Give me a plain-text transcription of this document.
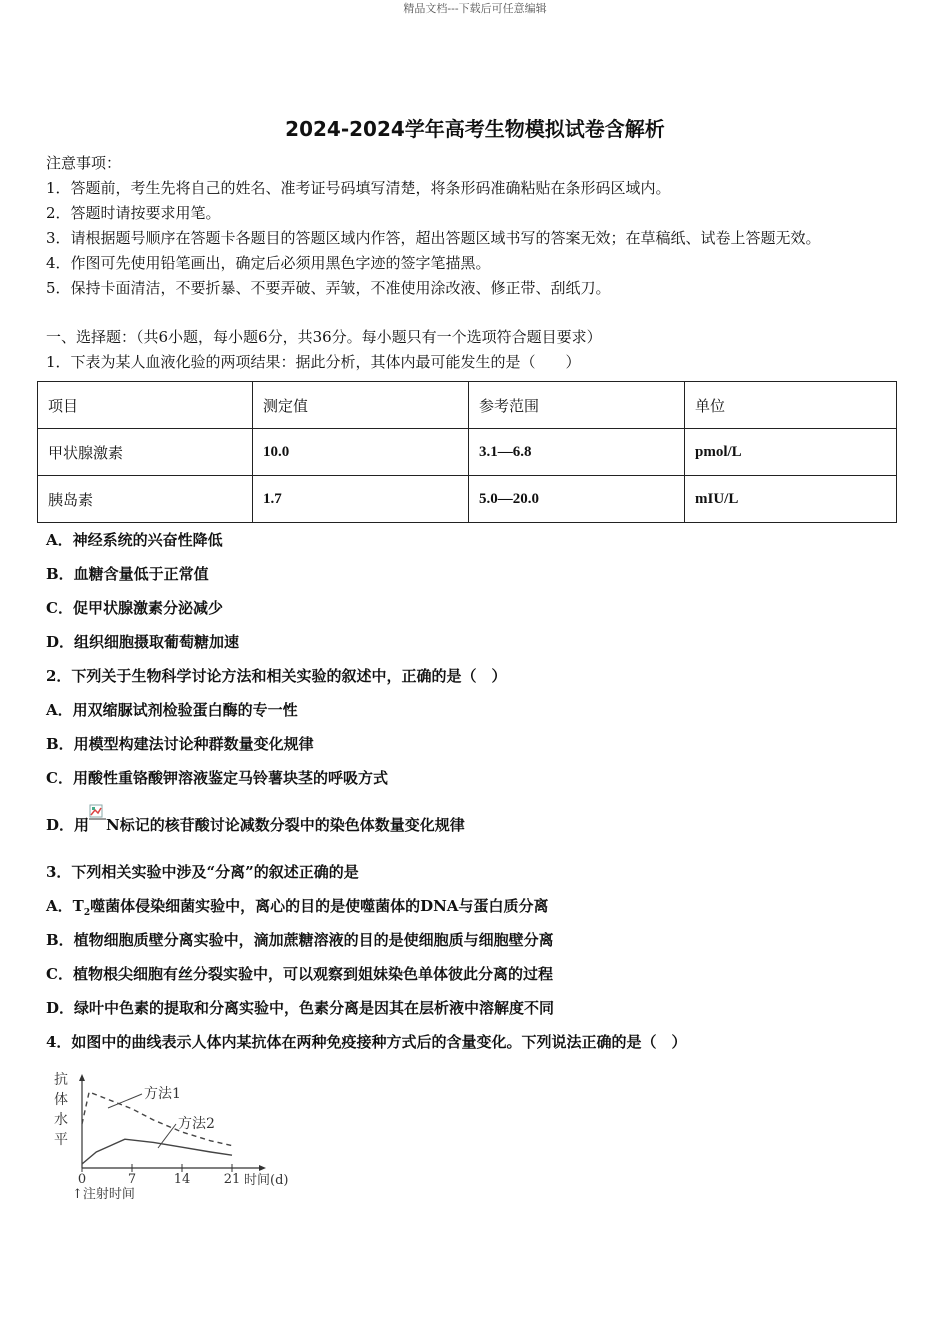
精品文档---下载后可任意编辑
2024-2024学年高考生物模拟试卷含解析
注意事项：
1．答题前，考生先将自己的姓名、准考证号码填写清楚，将条形码准确粘贴在条形码区域内。
2．答题时请按要求用笔。
3．请根据题号顺序在答题卡各题目的答题区域内作答，超出答题区域书写的答案无效；在草稿纸、试卷上答题无效。
4．作图可先使用铅笔画出，确定后必须用黑色字迹的签字笔描黑。
5．保持卡面清洁，不要折暴、不要弄破、弄皱，不准使用涂改液、修正带、刮纸刀。
一、选择题：（共6小题，每小题6分，共36分。每小题只有一个选项符合题目要求）
1．下表为某人血液化验的两项结果：据此分析，其体内最可能发生的是（　　）
项目	测定值	参考范围	单位
甲状腺激素	10.0	3.1—6.8	pmol/L
胰岛素	1.7	5.0—20.0	mIU/L
A．神经系统的兴奋性降低
B．血糖含量低于正常值
C．促甲状腺激素分泌减少
D．组织细胞摄取葡萄糖加速
2．下列关于生物科学讨论方法和相关实验的叙述中，正确的是（　）
A．用双缩脲试剂检验蛋白酶的专一性
B．用模型构建法讨论种群数量变化规律
C．用酸性重铬酸钾溶液鉴定马铃薯块茎的呼吸方式
D．用 N标记的核苷酸讨论减数分裂中的染色体数量变化规律
3．下列相关实验中涉及“分离”的叙述正确的是
A．$T_2$噬菌体侵染细菌实验中，离心的目的是使噬菌体的DNA与蛋白质分离
B．植物细胞质壁分离实验中，滴加蔗糖溶液的目的是使细胞质与细胞壁分离
C．植物根尖细胞有丝分裂实验中，可以观察到姐妹染色单体彼此分离的过程
D．绿叶中色素的提取和分离实验中，色素分离是因其在层析液中溶解度不同
4．如图中的曲线表示人体内某抗体在两种免疫接种方式后的含量变化。下列说法正确的是（　）
抗体水平
时间(d)
↑注射时间
0	7	14	21
方法1
方法2
